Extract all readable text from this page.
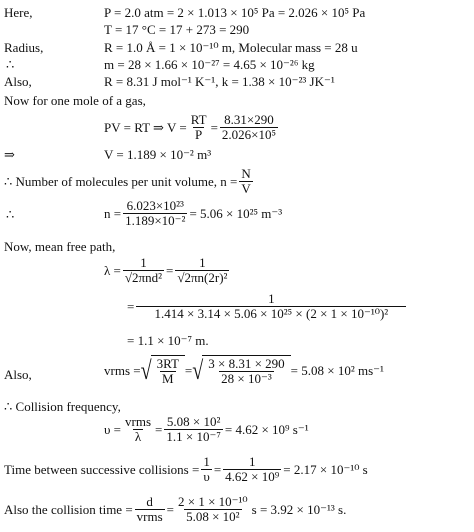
Here,	P = 2.0 atm = 2 × 1.013 × 10⁵ Pa = 2.026 × 10⁵ Pa
T = 17 °C = 17 + 273 = 290
Radius,	R = 1.0 Å = 1 × 10⁻¹⁰ m, Molecular mass = 28 u
∴	m = 28 × 1.66 × 10⁻²⁷ = 4.65 × 10⁻²⁶ kg
Also,	R = 8.31 J mol⁻¹ K⁻¹, k = 1.38 × 10⁻²³ JK⁻¹
Now for one mole of a gas,
PV = RT ⇒ $V = \frac{RT}{P} = \frac{8.31\times 290}{\text{2.026×10⁵}}$
⇒	V = 1.189 × 10⁻² m³
∴ Number of molecules per unit volume, $n = \frac{N}{V}$
∴	$n = \frac{\text{6.023×10²³}}{\text{1.189×10⁻²}} = 5.06 \times 10^{25}$ m⁻³
Now, mean free path,
λ =
1
$√2\pi nd^2 = \frac{1}{\text{√2πn(2r)²}}$
= $\frac{1}{\text{1.414 × 3.14 × 5.06 × 10²⁵ × (2 × 1 × 10⁻¹⁰)²}}$
= 1.1 × 10⁻⁷ m.
Also,	vrms = √ $\frac{3RT}{M}$ = √ $\frac{3 \times 8.31 \times 290}{\text{28 × 10⁻³}} = 5.08 \times 10^2$ ms⁻¹
∴ Collision frequency,
υ =
vrms
$\lambda = \frac{\text{5.08 × 10²}}{\text{1.1 × 10⁻⁷}} = 4.62 \times 10^9$ s⁻¹
Time between successive collisions = $\frac{1}{\upsilon} = \frac{1}{\text{4.62 × 10⁹}} = 2.17 \times 10^{-10}$ s
Also the collision time =
d
vrms = $\frac{\text{2 × 1 × 10⁻¹⁰}}{\text{5.08 × 10²}}$ s = 3.92 × 10⁻¹³ s.
